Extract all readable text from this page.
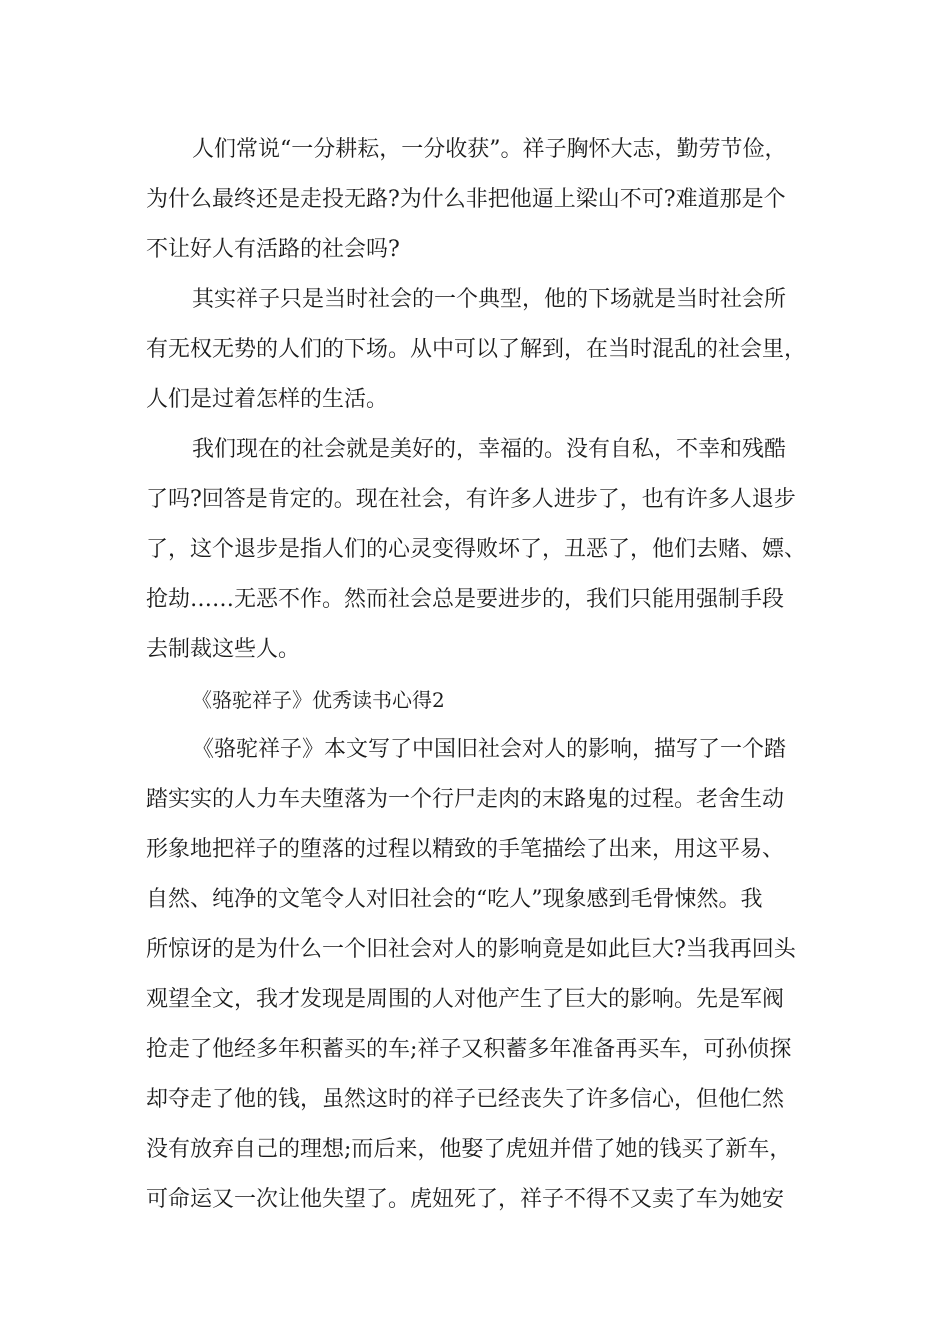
人们常说“一分耕耘，一分收获”。祥子胸怀大志，勤劳节俭，
为什么最终还是走投无路?为什么非把他逼上梁山不可?难道那是个
不让好人有活路的社会吗?
其实祥子只是当时社会的一个典型，他的下场就是当时社会所
有无权无势的人们的下场。从中可以了解到，在当时混乱的社会里，
人们是过着怎样的生活。
我们现在的社会就是美好的，幸福的。没有自私，不幸和残酷
了吗?回答是肯定的。现在社会，有许多人进步了，也有许多人退步
了，这个退步是指人们的心灵变得败坏了，丑恶了，他们去赌、嫖、
抢劫……无恶不作。然而社会总是要进步的，我们只能用强制手段
去制裁这些人。
《骆驼祥子》优秀读书心得2
《骆驼祥子》本文写了中国旧社会对人的影响，描写了一个踏
踏实实的人力车夫堕落为一个行尸走肉的末路鬼的过程。老舍生动
形象地把祥子的堕落的过程以精致的手笔描绘了出来，用这平易、
自然、纯净的文笔令人对旧社会的“吃人”现象感到毛骨悚然。我
所惊讶的是为什么一个旧社会对人的影响竟是如此巨大?当我再回头
观望全文，我才发现是周围的人对他产生了巨大的影响。先是军阀
抢走了他经多年积蓄买的车;祥子又积蓄多年准备再买车，可孙侦探
却夺走了他的钱，虽然这时的祥子已经丧失了许多信心，但他仁然
没有放弃自己的理想;而后来，他娶了虎妞并借了她的钱买了新车，
可命运又一次让他失望了。虎妞死了，祥子不得不又卖了车为她安
